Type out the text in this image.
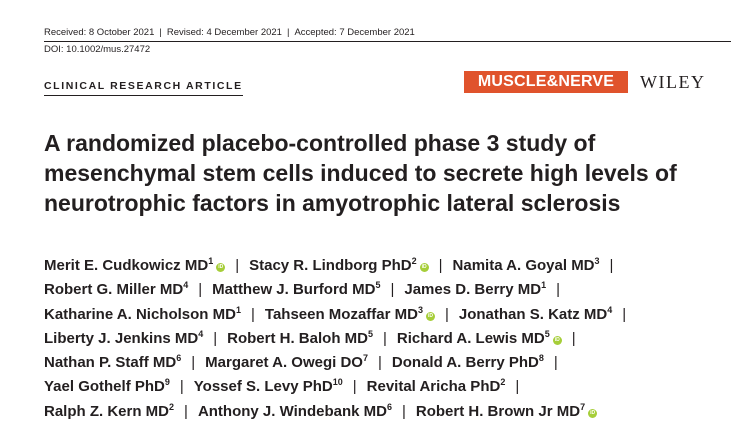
Received: 8 October 2021 | Revised: 4 December 2021 | Accepted: 7 December 2021
DOI: 10.1002/mus.27472
CLINICAL RESEARCH ARTICLE	MUSCLE&NERVE	WILEY
A randomized placebo-controlled phase 3 study of mesenchymal stem cells induced to secrete high levels of neurotrophic factors in amyotrophic lateral sclerosis
Merit E. Cudkowicz $MD^1iD$ | Stacy R. Lindborg PhD$^2$iD | Namita A. Goyal $MD^3$ |
Robert G. Miller $MD^4$ | Matthew J. Burford $MD^5$ | James D. Berry $MD^1$ |
Katharine A. Nicholson $MD^1$ | Tahseen Mozaffar $MD^3iD$ | Jonathan S. Katz $MD^4$ |
Liberty J. Jenkins $MD^4$ | Robert H. Baloh $MD^5$ | Richard A. Lewis $MD^5iD$ |
Nathan P. Staff $MD^6$ | Margaret A. Owegi $DO^7$ | Donald A. Berry PhD$^8$ |
Yael Gothelf PhD$^9$ | Yossef S. Levy PhD$^{10}$ | Revital Aricha PhD$^2$ |
Ralph Z. Kern $MD^2$ | Anthony J. Windebank $MD^6$ | Robert H. Brown Jr $MD^7iD$
